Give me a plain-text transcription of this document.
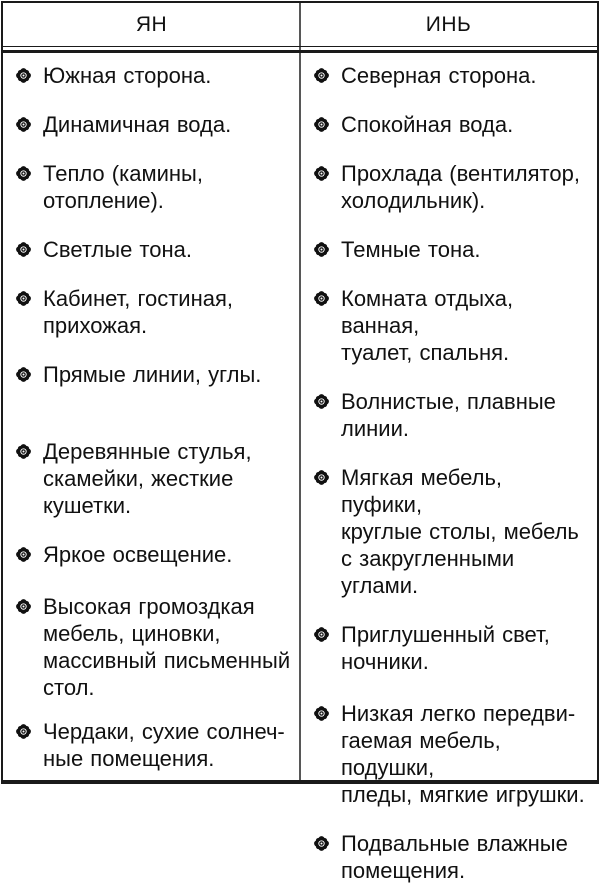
ЯН	ИНЬ
Южная сторона.
Динамичная вода.
Тепло (камины,
отопление).
Светлые тона.
Кабинет, гостиная,
прихожая.
Прямые линии, углы.
Деревянные стулья,
скамейки, жесткие
кушетки.
Яркое освещение.
Высокая громоздкая
мебель, циновки,
массивный письменный
стол.
Чердаки, сухие солнеч-
ные помещения.
Северная сторона.
Спокойная вода.
Прохлада (вентилятор,
холодильник).
Темные тона.
Комната отдыха, ванная,
туалет, спальня.
Волнистые, плавные
линии.
Мягкая мебель, пуфики,
круглые столы, мебель
с закругленными углами.
Приглушенный свет,
ночники.
Низкая легко передви-
гаемая мебель, подушки,
пледы, мягкие игрушки.
Подвальные влажные
помещения.
